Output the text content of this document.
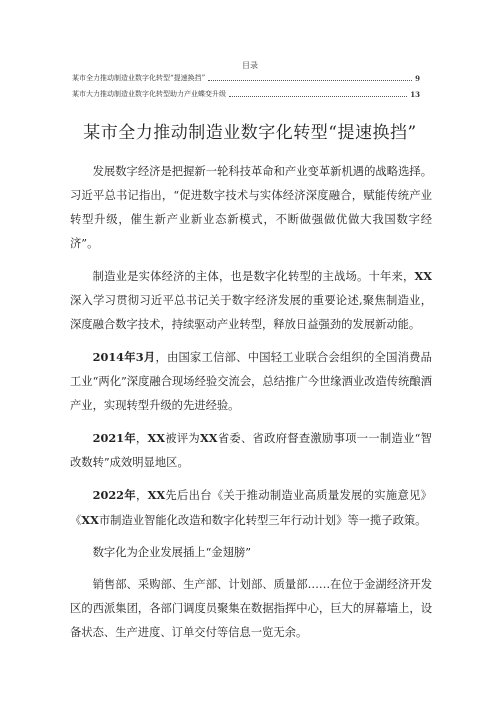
目录
某市全力推动制造业数字化转型“提速换挡”	9
某市大力推动制造业数字化转型助力产业蝶变升级	13
某市全力推动制造业数字化转型“提速换挡”

发展数字经济是把握新一轮科技革命和产业变革新机遇的战略选择。习近平总书记指出，“促进数字技术与实体经济深度融合，赋能传统产业转型升级，催生新产业新业态新模式，不断做强做优做大我国数字经济”。

制造业是实体经济的主体，也是数字化转型的主战场。十年来，XX深入学习贯彻习近平总书记关于数字经济发展的重要论述,聚焦制造业，深度融合数字技术，持续驱动产业转型，释放日益强劲的发展新动能。

2014年3月，由国家工信部、中国轻工业联合会组织的全国消费品工业“两化”深度融合现场经验交流会，总结推广今世缘酒业改造传统酿酒产业，实现转型升级的先进经验。

2021年，XX被评为XX省委、省政府督查激励事项一一制造业“智改数转”成效明显地区。

2022年，XX先后出台《关于推动制造业高质量发展的实施意见》《XX市制造业智能化改造和数字化转型三年行动计划》等一揽子政策。

数字化为企业发展插上“金翅膀”

销售部、采购部、生产部、计划部、质量部……在位于金湖经济开发区的西派集团，各部门调度员聚集在数据指挥中心，巨大的屏幕墙上，设备状态、生产进度、订单交付等信息一览无余。
